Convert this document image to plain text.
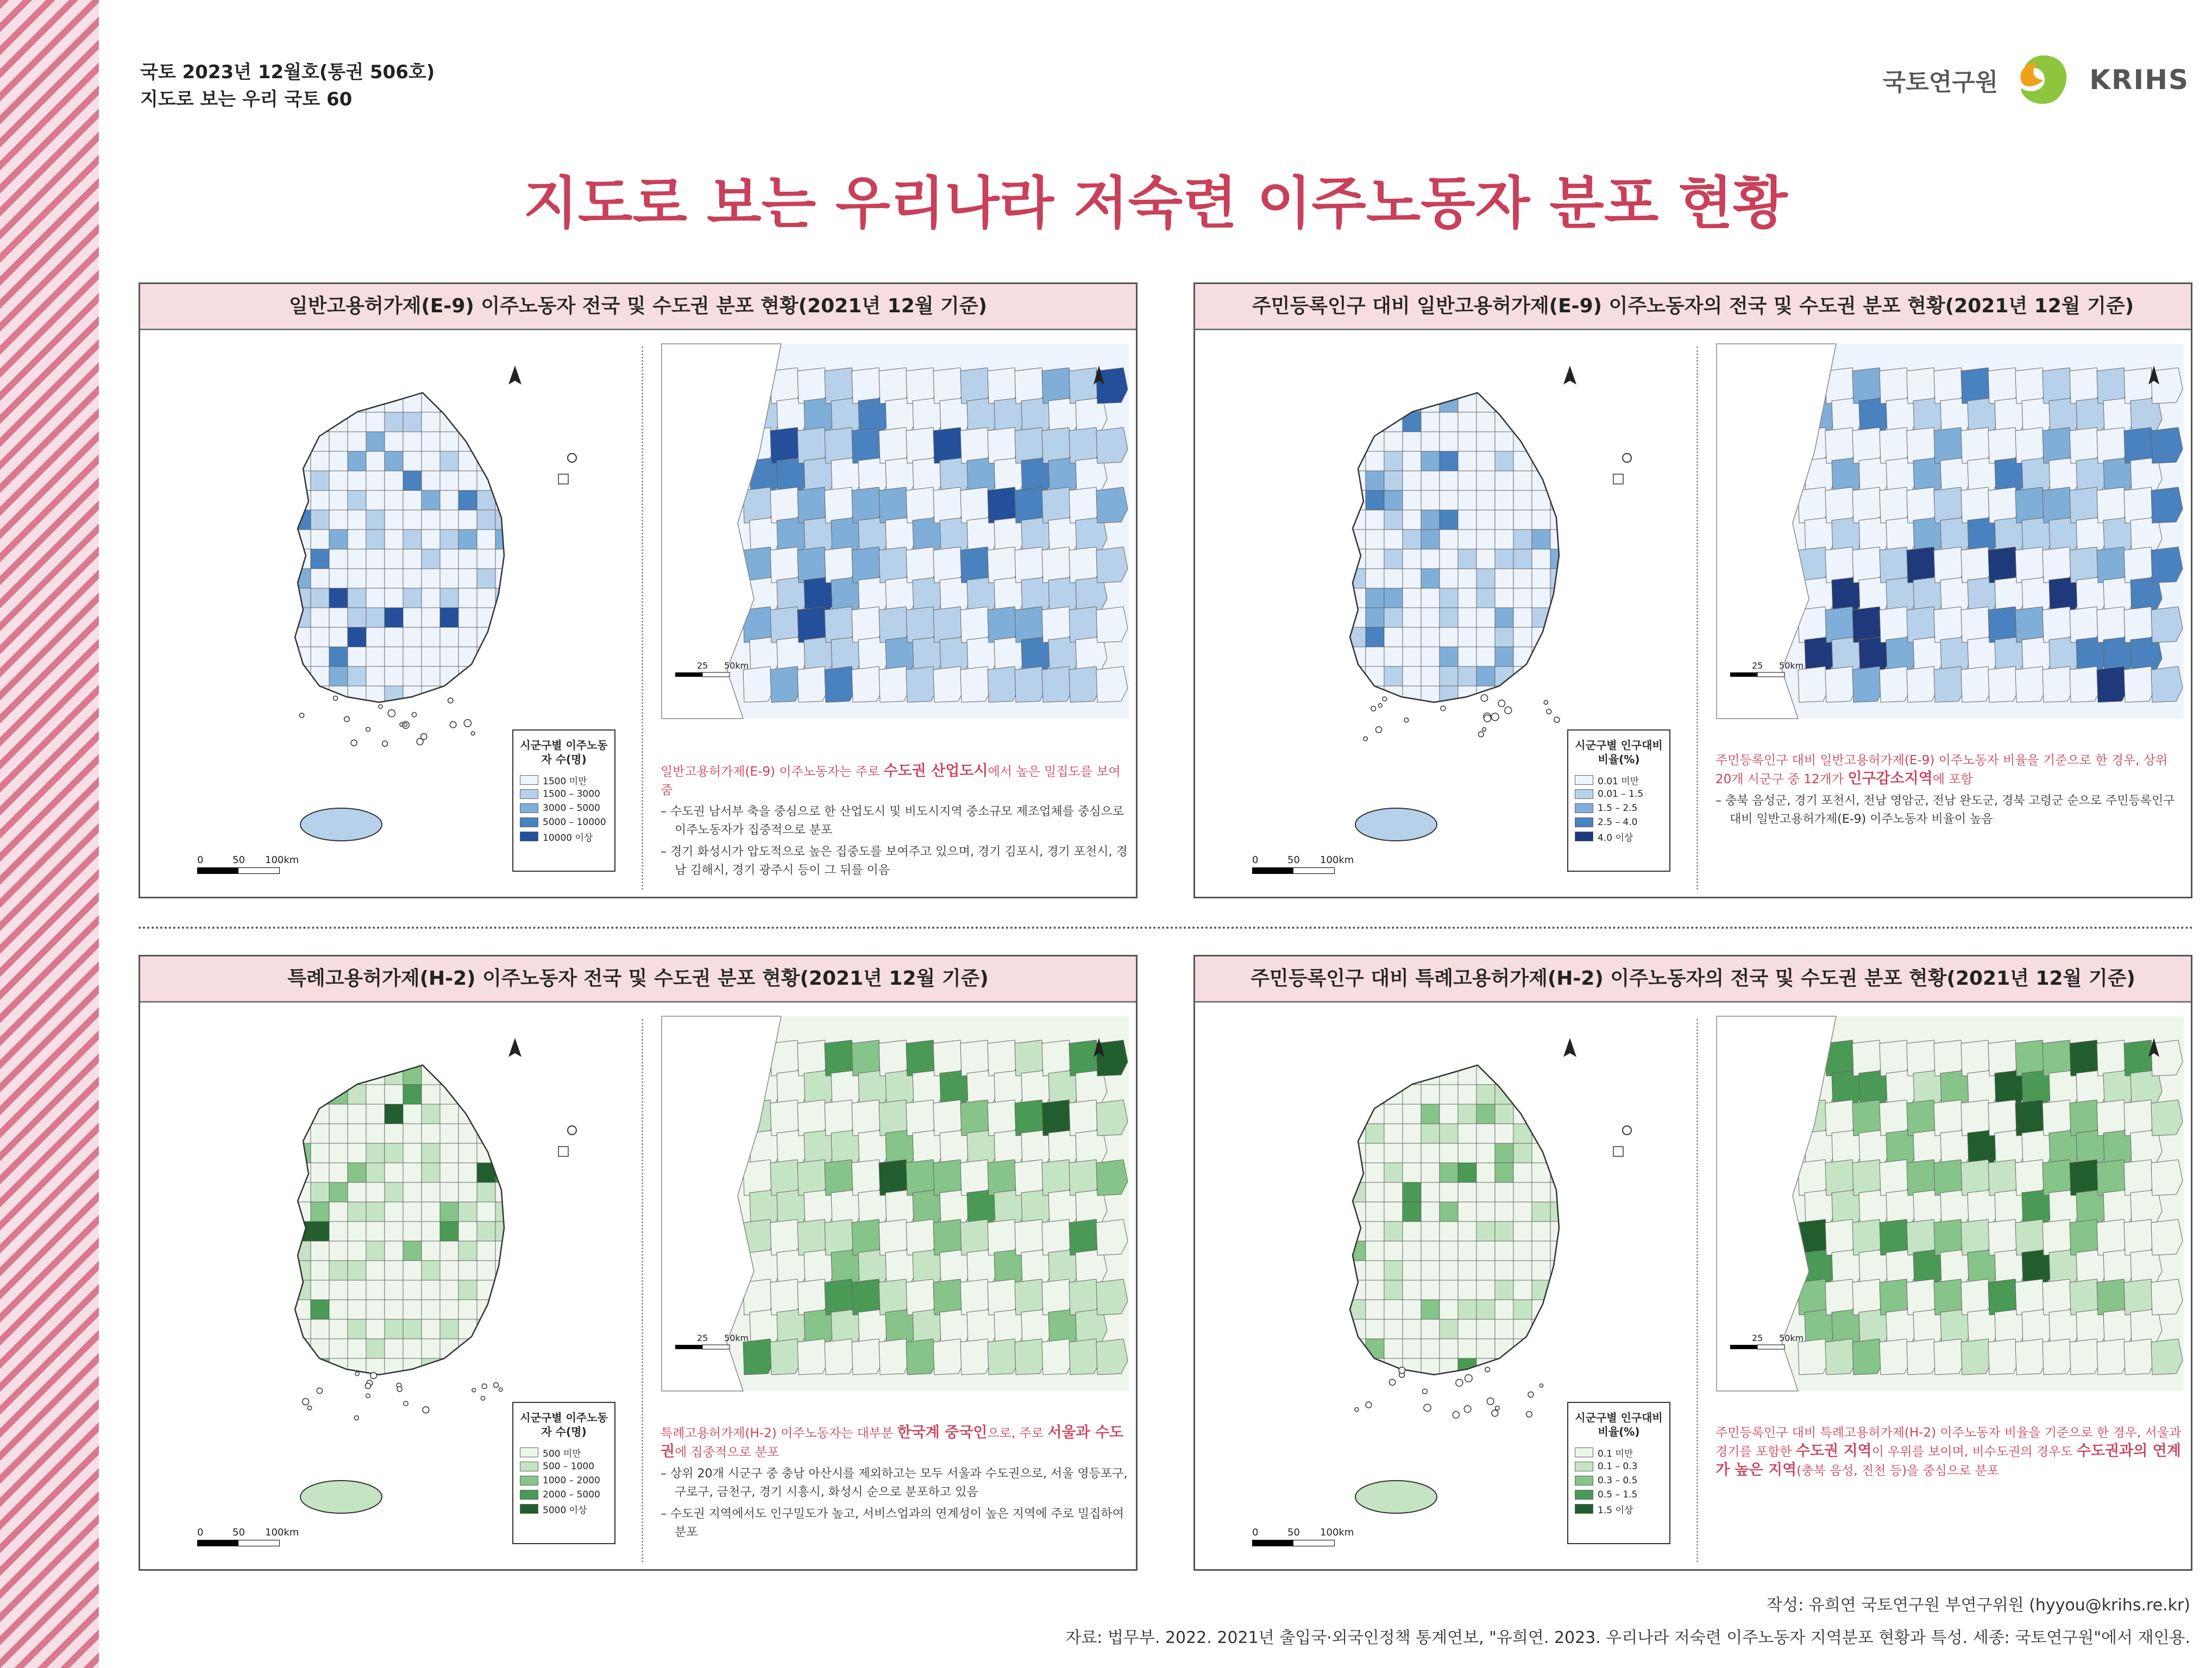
국토 2023년 12월호(통권 506호)
지도로 보는 우리 국토 60
국토연구원	KRIHS
지도로 보는 우리나라 저숙련 이주노동자 분포 현황
일반고용허가제(E-9) 이주노동자 전국 및 수도권 분포 현황(2021년 12월 기준)
25 50km
시군구별 이주노동자 수(명)
1500 미만
1500 – 3000
3000 – 5000
5000 – 10000
10000 이상
0	50 100km
일반고용허가제(E-9) 이주노동자는 주로 수도권 산업도시에서 높은 밀집도를 보여줌
– 수도권 남서부 축을 중심으로 한 산업도시 및 비도시지역 중소규모 제조업체를 중심으로 이주노동자가 집중적으로 분포
– 경기 화성시가 압도적으로 높은 집중도를 보여주고 있으며, 경기 김포시, 경기 포천시, 경남 김해시, 경기 광주시 등이 그 뒤를 이음
주민등록인구 대비 일반고용허가제(E-9) 이주노동자의 전국 및 수도권 분포 현황(2021년 12월 기준)
25 50km
시군구별 인구대비 비율(%)
0.01 미만
0.01 – 1.5
1.5 – 2.5
2.5 – 4.0
4.0 이상
0	50 100km
주민등록인구 대비 일반고용허가제(E-9) 이주노동자 비율을 기준으로 한 경우, 상위 20개 시군구 중 12개가 인구감소지역에 포함
– 충북 음성군, 경기 포천시, 전남 영암군, 전남 완도군, 경북 고령군 순으로 주민등록인구 대비 일반고용허가제(E-9) 이주노동자 비율이 높음
특례고용허가제(H-2) 이주노동자 전국 및 수도권 분포 현황(2021년 12월 기준)
25 50km
시군구별 이주노동자 수(명)
500 미만
500 – 1000
1000 – 2000
2000 – 5000
5000 이상
0	50 100km
특례고용허가제(H-2) 이주노동자는 대부분 한국계 중국인으로, 주로 서울과 수도권에 집중적으로 분포
– 상위 20개 시군구 중 충남 아산시를 제외하고는 모두 서울과 수도권으로, 서울 영등포구, 구로구, 금천구, 경기 시흥시, 화성시 순으로 분포하고 있음
– 수도권 지역에서도 인구밀도가 높고, 서비스업과의 연계성이 높은 지역에 주로 밀집하여 분포
주민등록인구 대비 특례고용허가제(H-2) 이주노동자의 전국 및 수도권 분포 현황(2021년 12월 기준)
25 50km
시군구별 인구대비 비율(%)
0.1 미만
0.1 – 0.3
0.3 – 0.5
0.5 – 1.5
1.5 이상
0	50 100km
주민등록인구 대비 특례고용허가제(H-2) 이주노동자 비율을 기준으로 한 경우, 서울과 경기를 포함한 수도권 지역이 우위를 보이며, 비수도권의 경우도 수도권과의 연계가 높은 지역(충북 음성, 진천 등)을 중심으로 분포
작성: 유희연 국토연구원 부연구위원 (hyyou@krihs.re.kr)
자료: 법무부. 2022. 2021년 출입국·외국인정책 통계연보, "유희연. 2023. 우리나라 저숙련 이주노동자 지역분포 현황과 특성. 세종: 국토연구원"에서 재인용.
